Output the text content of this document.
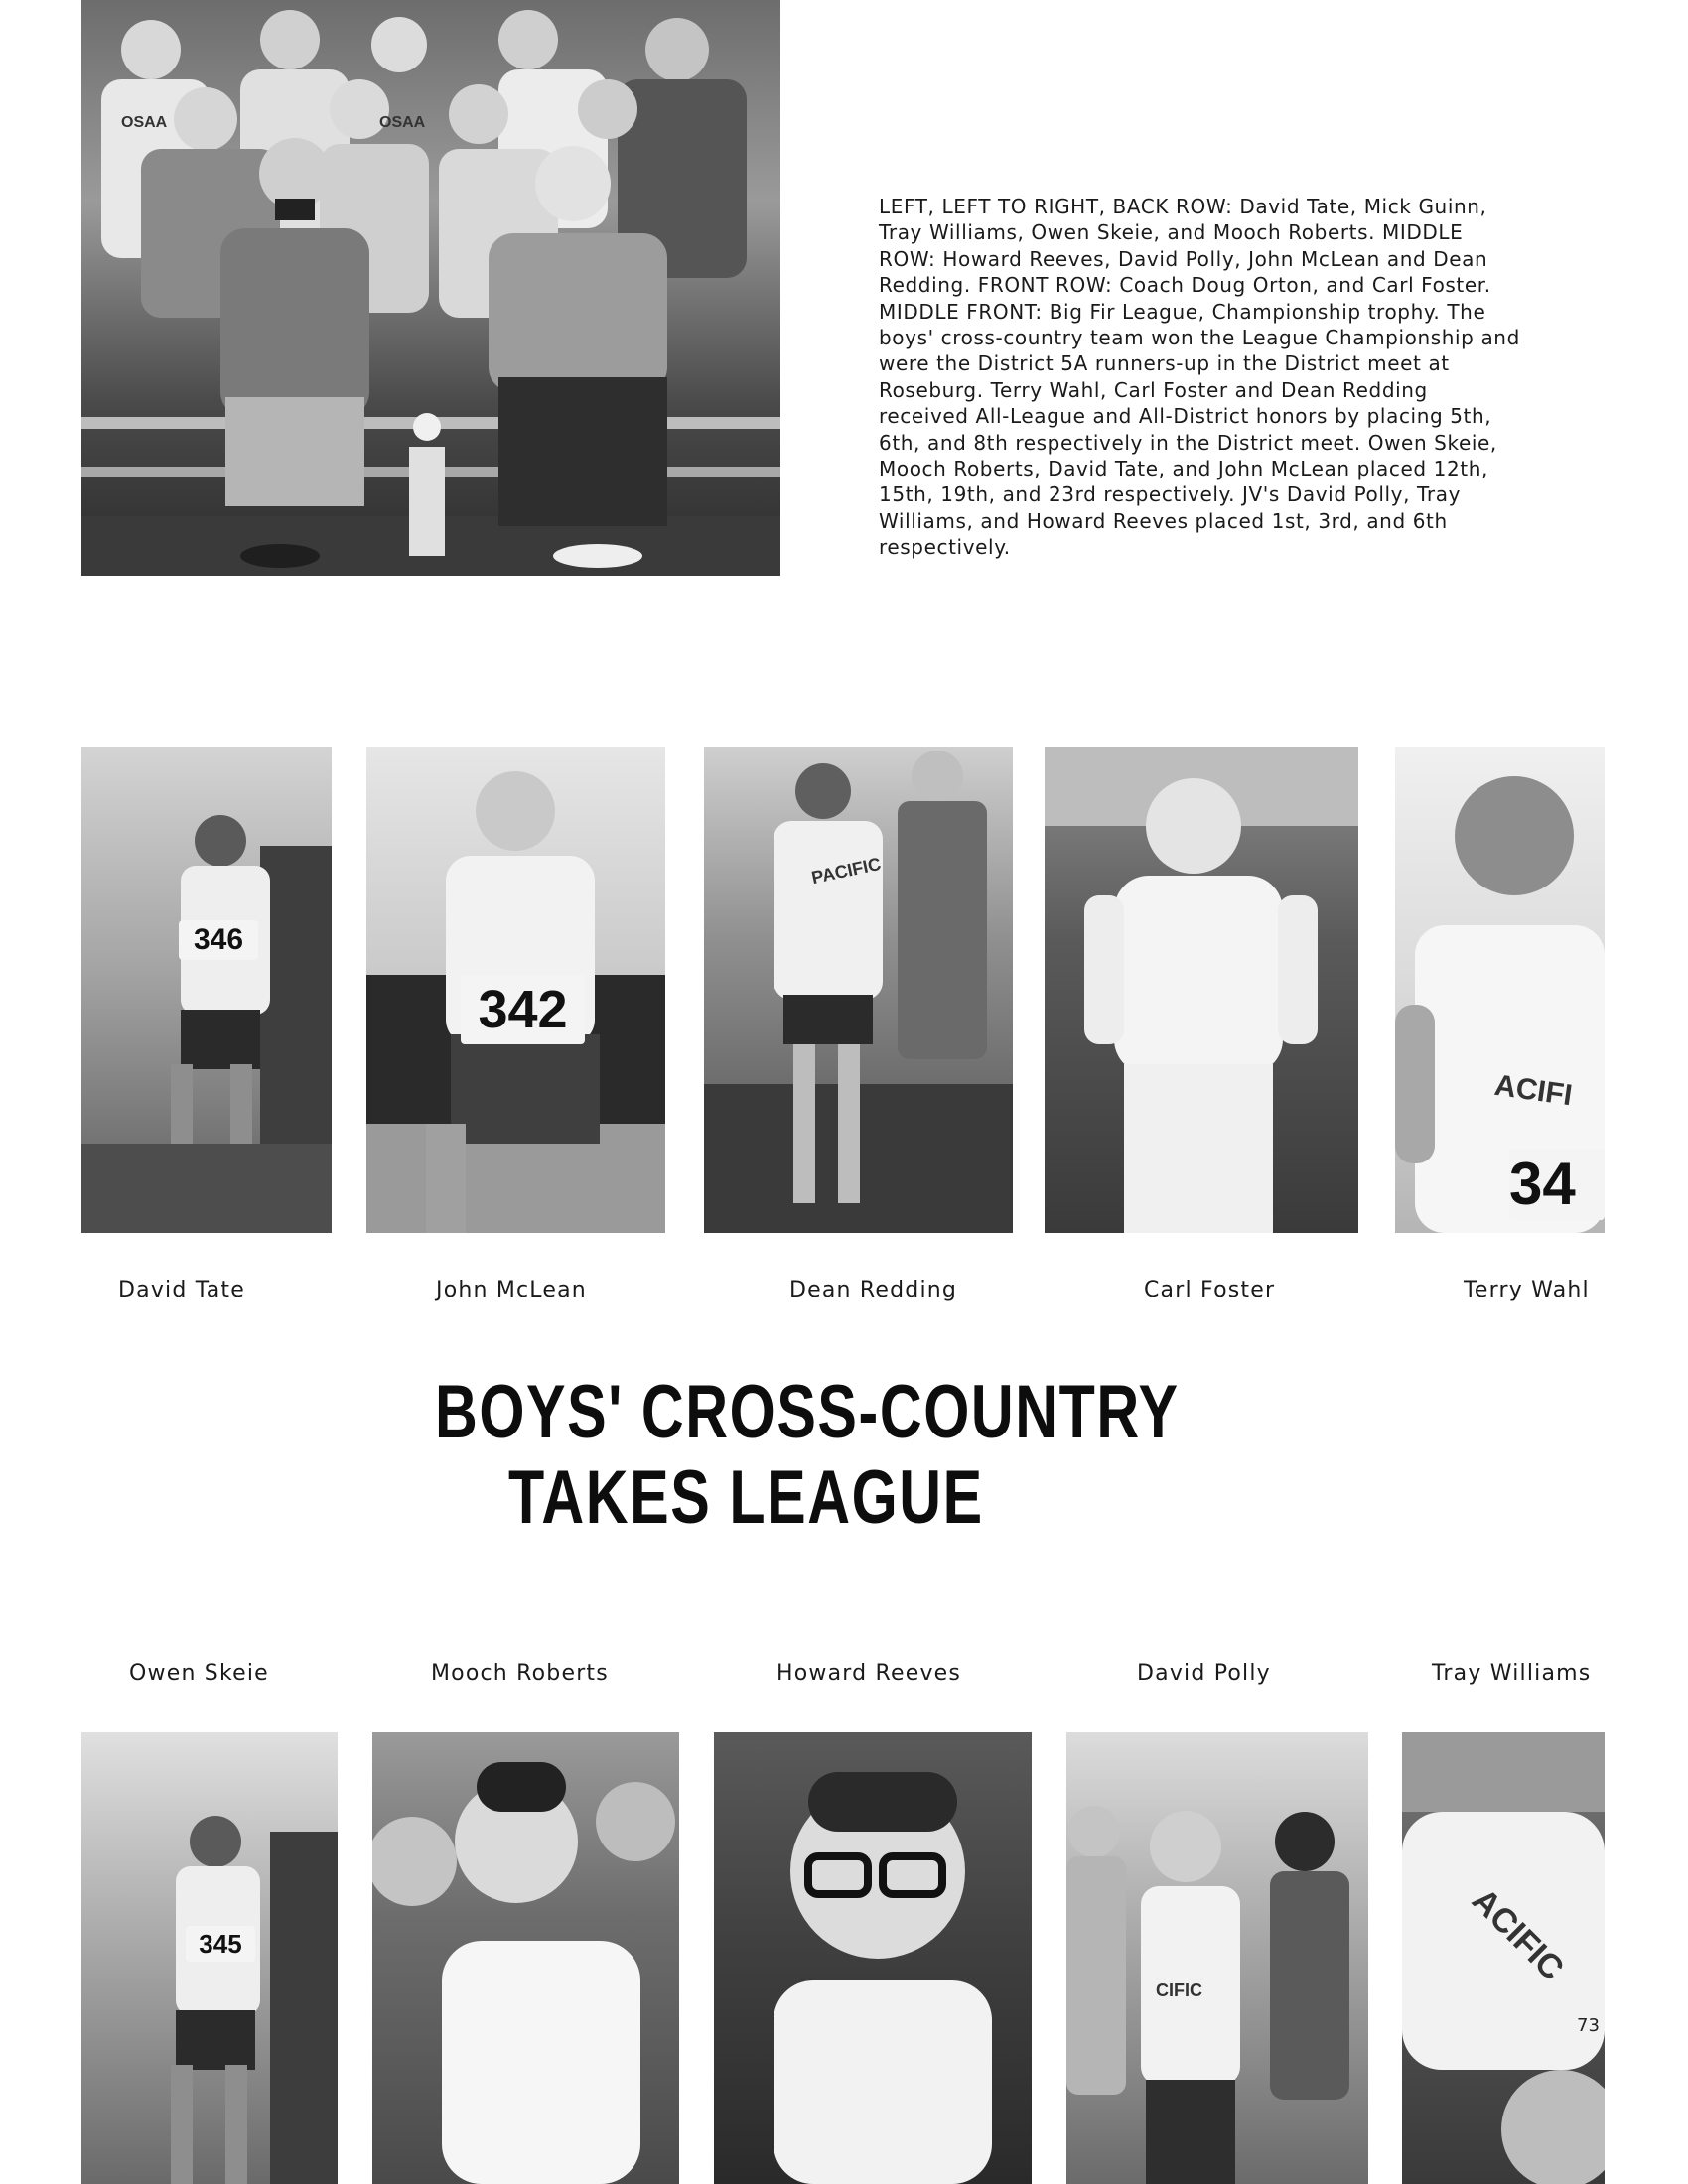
OSAA	OSAA

LEFT, LEFT TO RIGHT, BACK ROW: David Tate, Mick Guinn, Tray Williams, Owen Skeie, and Mooch Roberts. MIDDLE ROW: Howard Reeves, David Polly, John McLean and Dean Redding. FRONT ROW: Coach Doug Orton, and Carl Foster. MIDDLE FRONT: Big Fir League, Championship trophy. The boys' cross-country team won the League Championship and were the District 5A runners-up in the District meet at Roseburg. Terry Wahl, Carl Foster and Dean Redding received All-League and All-District honors by placing 5th, 6th, and 8th respectively in the District meet. Owen Skeie, Mooch Roberts, David Tate, and John McLean placed 12th, 15th, 19th, and 23rd respectively. JV's David Polly, Tray Williams, and Howard Reeves placed 1st, 3rd, and 6th respectively.

346
342
PACIFIC
ACIFI
34
David Tate	John McLean	Dean Redding	Carl Foster	Terry Wahl
BOYS' CROSS-COUNTRY
TAKES LEAGUE
Owen Skeie	Mooch Roberts	Howard Reeves	David Polly	Tray Williams
345
CIFIC
ACIFIC
73
